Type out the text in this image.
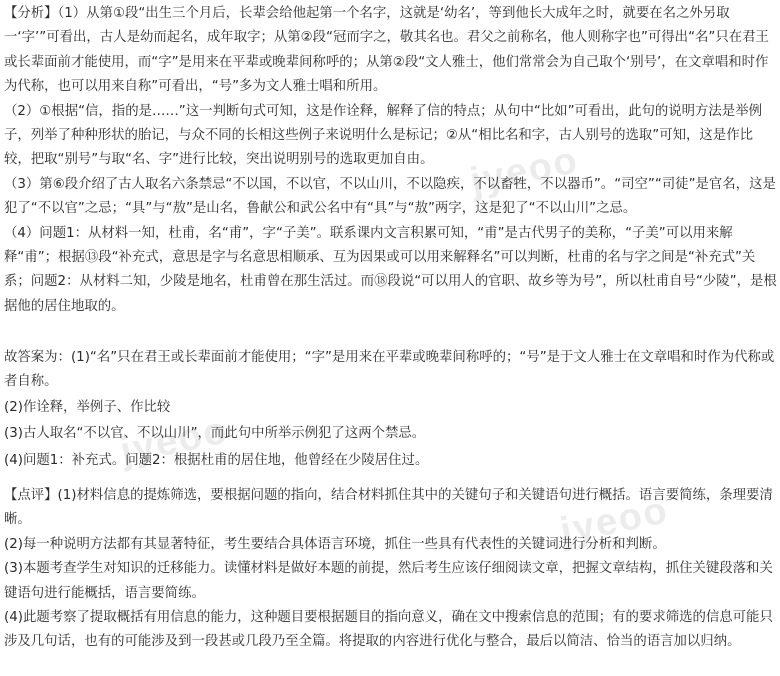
jyeoo
jyeoo
jyeoo

【分析】（1）从第①段“出生三个月后，长辈会给他起第一个名字，这就是‘幼名’，等到他长大成年之时，就要在名之外另取一‘字’”可看出，古人是幼而起名，成年取字；从第②段“冠而字之，敬其名也。君父之前称名，他人则称字也”可得出“名”只在君王或长辈面前才能使用，而“字”是用来在平辈或晚辈间称呼的；从第②段“文人雅士，他们常常会为自己取个‘别号’，在文章唱和时作为代称，也可以用来自称”可看出，“号”多为文人雅士唱和所用。

（2）①根据“信，指的是……”这一判断句式可知，这是作诠释，解释了信的特点；从句中“比如”可看出，此句的说明方法是举例子，列举了种种形状的胎记，与众不同的长相这些例子来说明什么是标记；②从“相比名和字，古人别号的选取”可知，这是作比较，把取“别号”与取“名、字”进行比较，突出说明别号的选取更加自由。

（3）第⑥段介绍了古人取名六条禁忌“不以国，不以官，不以山川，不以隐疾，不以畜牲，不以器币”。“司空”“司徒”是官名，这是犯了“不以官”之忌；“具”与“敖”是山名，鲁献公和武公名中有“具”与“敖”两字，这是犯了“不以山川”之忌。

（4）问题1：从材料一知，杜甫，名“甫”，字“子美”。联系课内文言积累可知，“甫”是古代男子的美称，“子美”可以用来解释“甫”；根据⑬段“补充式，意思是字与名意思相顺承、互为因果或可以用来解释名”可以判断，杜甫的名与字之间是“补充式”关系；问题2：从材料二知，少陵是地名，杜甫曾在那生活过。而⑱段说“可以用人的官职、故乡等为号”，所以杜甫自号“少陵”，是根据他的居住地取的。

故答案为：(1)“名”只在君王或长辈面前才能使用；“字”是用来在平辈或晚辈间称呼的；“号”是于文人雅士在文章唱和时作为代称或者自称。

(2)作诠释，举例子、作比较

(3)古人取名“不以官、不以山川”，而此句中所举示例犯了这两个禁忌。

(4)问题1：补充式。问题2：根据杜甫的居住地，他曾经在少陵居住过。

【点评】(1)材料信息的提炼筛选，要根据问题的指向，结合材料抓住其中的关键句子和关键语句进行概括。语言要简练，条理要清晰。

(2)每一种说明方法都有其显著特征，考生要结合具体语言环境，抓住一些具有代表性的关键词进行分析和判断。

(3)本题考查学生对知识的迁移能力。读懂材料是做好本题的前提，然后考生应该仔细阅读文章，把握文章结构，抓住关键段落和关键语句进行能概括，语言要简练。

(4)此题考察了提取概括有用信息的能力，这种题目要根据题目的指向意义，确在文中搜索信息的范围；有的要求筛选的信息可能只涉及几句话，也有的可能涉及到一段甚或几段乃至全篇。将提取的内容进行优化与整合，最后以简洁、恰当的语言加以归纳。
